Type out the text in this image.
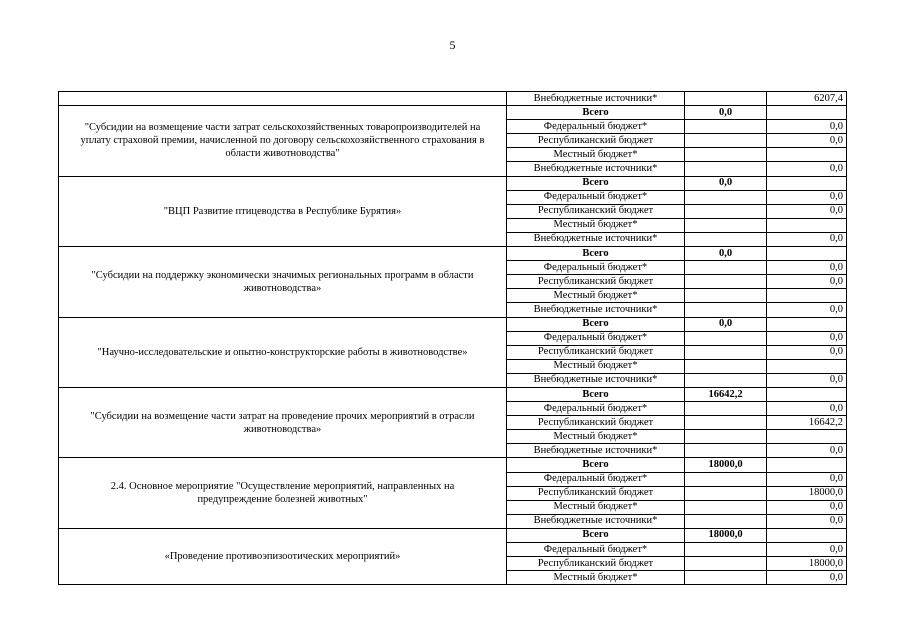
5
	Внебюджетные источники*		6207,4
"Субсидии на возмещение части затрат сельскохозяйственных товаропроизводителей на уплату страховой премии, начисленной по договору сельскохозяйственного страхования в области животноводства"	Всего	0,0	
	Федеральный бюджет*		0,0
	Республиканский бюджет		0,0
	Местный бюджет*		
	Внебюджетные источники*		0,0
"ВЦП Развитие птицеводства в Республике Бурятия»	Всего	0,0	
	Федеральный бюджет*		0,0
	Республиканский бюджет		0,0
	Местный бюджет*		
	Внебюджетные источники*		0,0
"Субсидии на поддержку экономически значимых региональных программ в области животноводства»	Всего	0,0	
	Федеральный бюджет*		0,0
	Республиканский бюджет		0,0
	Местный бюджет*		
	Внебюджетные источники*		0,0
"Научно-исследовательские и опытно-конструкторские работы в животноводстве»	Всего	0,0	
	Федеральный бюджет*		0,0
	Республиканский бюджет		0,0
	Местный бюджет*		
	Внебюджетные источники*		0,0
"Субсидии на возмещение части затрат на проведение прочих мероприятий в отрасли животноводства»	Всего	16642,2	
	Федеральный бюджет*		0,0
	Республиканский бюджет		16642,2
	Местный бюджет*		
	Внебюджетные источники*		0,0
2.4. Основное мероприятие "Осуществление мероприятий, направленных на предупреждение болезней животных"	Всего	18000,0	
	Федеральный бюджет*		0,0
	Республиканский бюджет		18000,0
	Местный бюджет*		0,0
	Внебюджетные источники*		0,0
«Проведение противоэпизоотических мероприятий»	Всего	18000,0	
	Федеральный бюджет*		0,0
	Республиканский бюджет		18000,0
	Местный бюджет*		0,0
